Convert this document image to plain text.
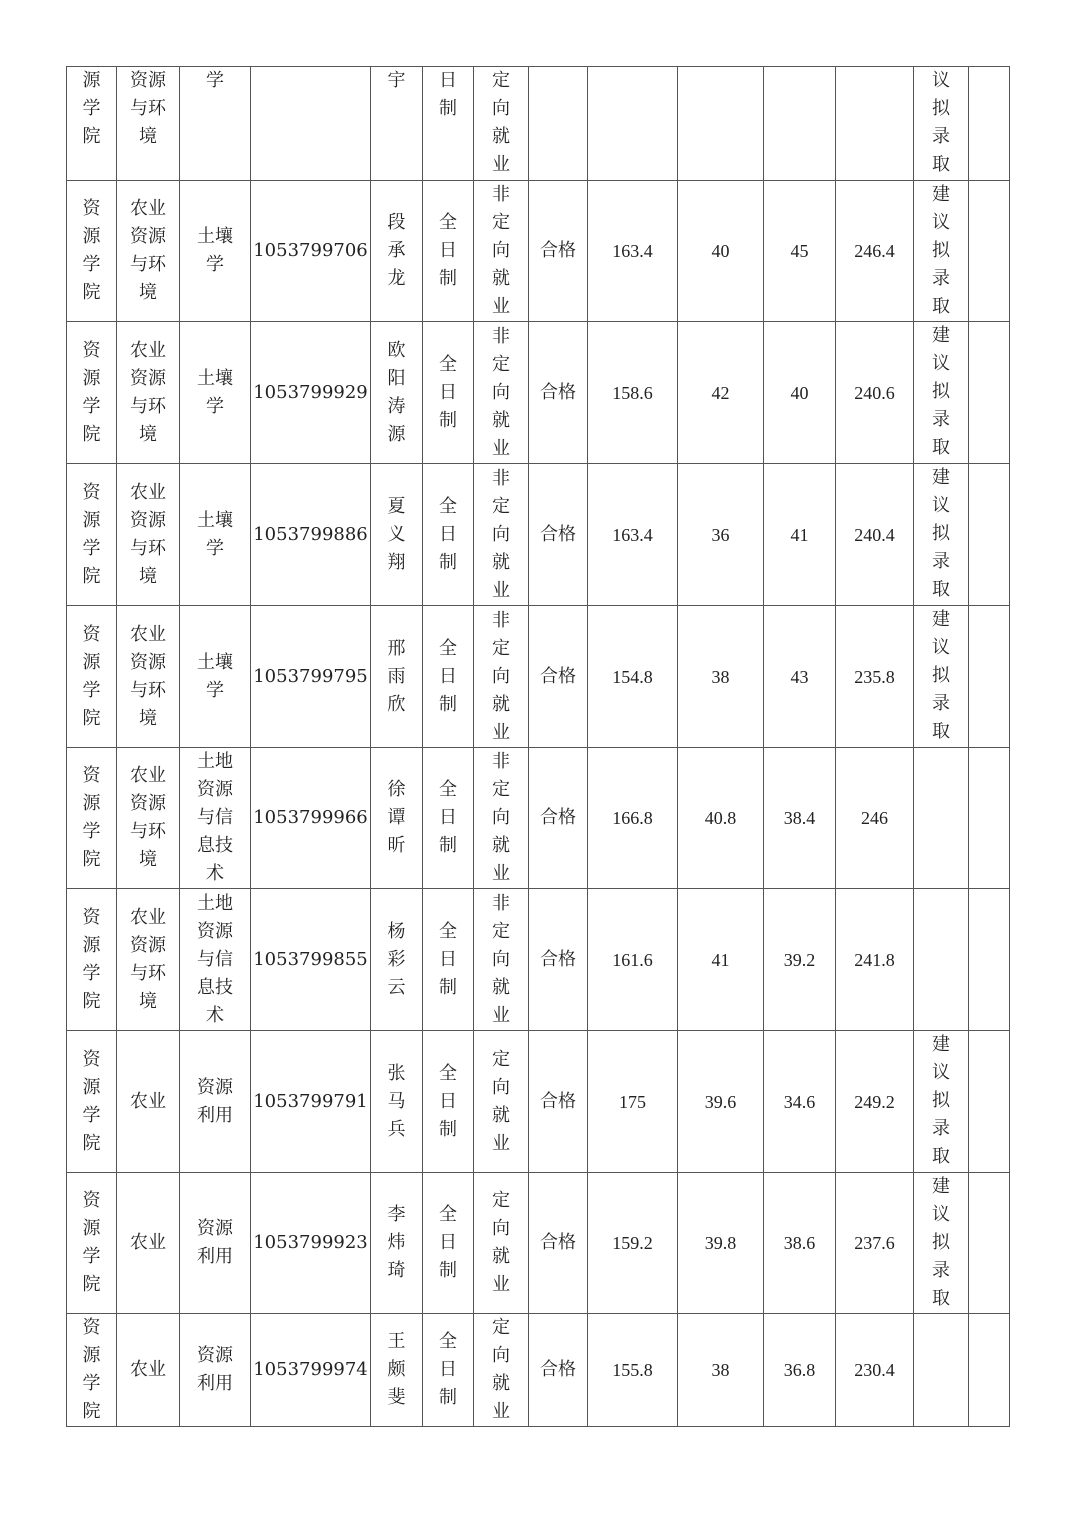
源
学
院	资源
与环
境	学		宇	日
制	定
向
就
业						议
拟
录
取	
资
源
学
院	农业
资源
与环
境	土壤
学	1053799706	段
承
龙	全
日
制	非
定
向
就
业	合格	163.4	40	45	246.4	建
议
拟
录
取	
资
源
学
院	农业
资源
与环
境	土壤
学	1053799929	欧
阳
涛
源	全
日
制	非
定
向
就
业	合格	158.6	42	40	240.6	建
议
拟
录
取	
资
源
学
院	农业
资源
与环
境	土壤
学	1053799886	夏
义
翔	全
日
制	非
定
向
就
业	合格	163.4	36	41	240.4	建
议
拟
录
取	
资
源
学
院	农业
资源
与环
境	土壤
学	1053799795	邢
雨
欣	全
日
制	非
定
向
就
业	合格	154.8	38	43	235.8	建
议
拟
录
取	
资
源
学
院	农业
资源
与环
境	土地
资源
与信
息技
术	1053799966	徐
谭
昕	全
日
制	非
定
向
就
业	合格	166.8	40.8	38.4	246		
资
源
学
院	农业
资源
与环
境	土地
资源
与信
息技
术	1053799855	杨
彩
云	全
日
制	非
定
向
就
业	合格	161.6	41	39.2	241.8		
资
源
学
院	农业	资源
利用	1053799791	张
马
兵	全
日
制	定
向
就
业	合格	175	39.6	34.6	249.2	建
议
拟
录
取	
资
源
学
院	农业	资源
利用	1053799923	李
炜
琦	全
日
制	定
向
就
业	合格	159.2	39.8	38.6	237.6	建
议
拟
录
取	
资
源
学
院	农业	资源
利用	1053799974	王
颇
斐	全
日
制	定
向
就
业	合格	155.8	38	36.8	230.4		
